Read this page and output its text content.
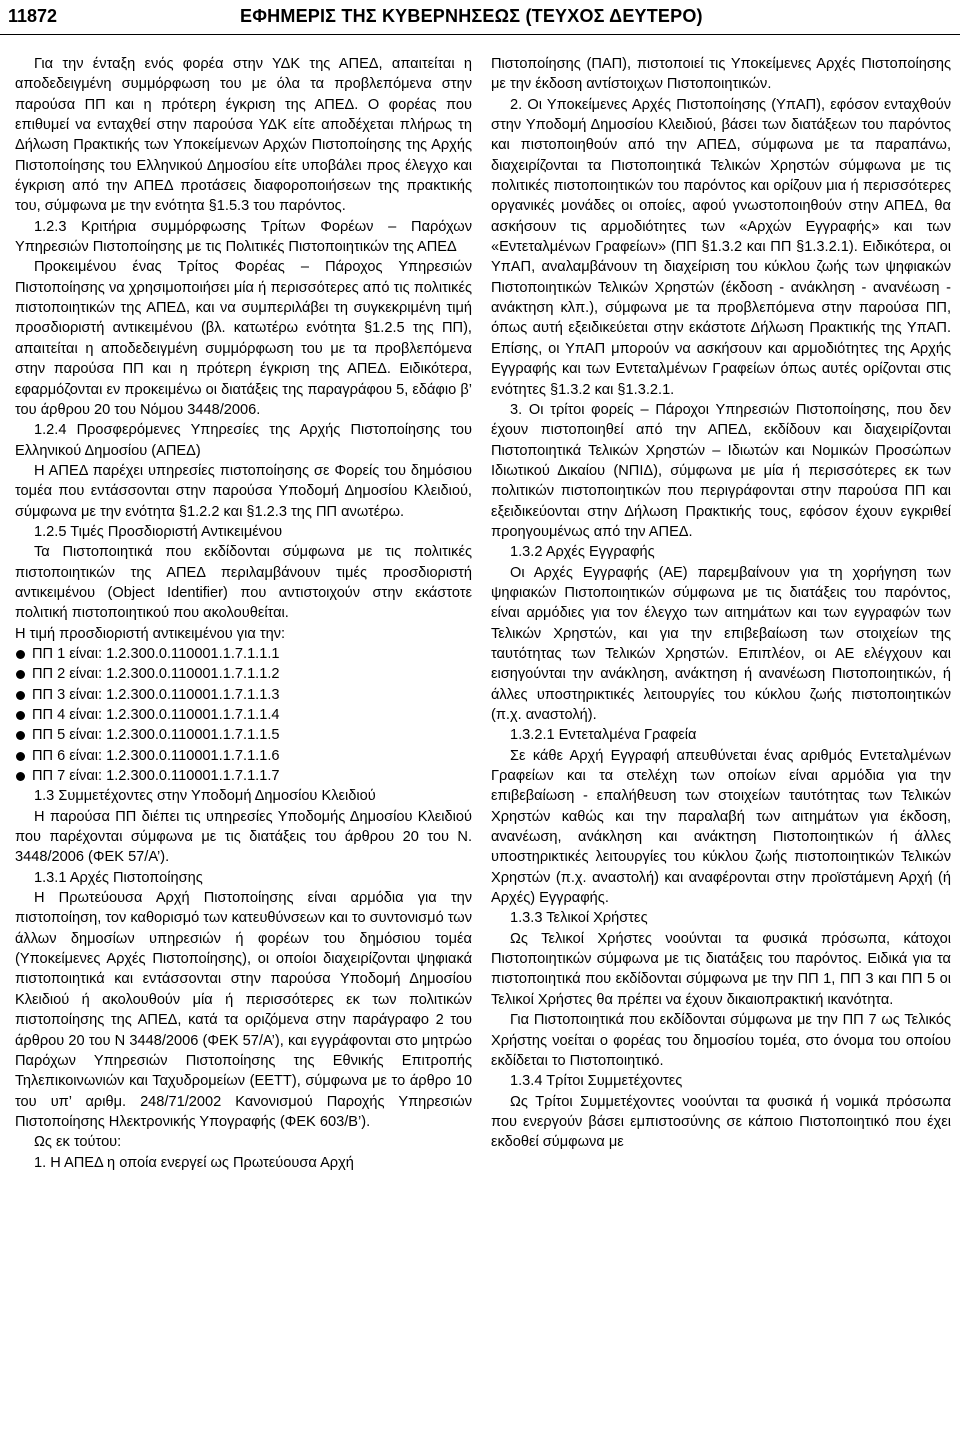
11872	ΕΦΗΜΕΡΙΣ ΤΗΣ ΚΥΒΕΡΝΗΣΕΩΣ (ΤΕΥΧΟΣ ΔΕΥΤΕΡΟ)

Για την ένταξη ενός φορέα στην ΥΔΚ της ΑΠΕΔ, απαιτείται η αποδεδειγμένη συμμόρφωση του με όλα τα προβλεπόμενα στην παρούσα ΠΠ και η πρότερη έγκριση της ΑΠΕΔ. Ο φορέας που επιθυμεί να ενταχθεί στην παρούσα ΥΔΚ είτε αποδέχεται πλήρως τη Δήλωση Πρακτικής των Υποκείμενων Αρχών Πιστοποίησης της Αρχής Πιστοποίησης του Ελληνικού Δημοσίου είτε υποβάλει προς έλεγχο και έγκριση από την ΑΠΕΔ προτάσεις διαφοροποιήσεων της πρακτικής του, σύμφωνα με την ενότητα §1.5.3 του παρόντος.

1.2.3 Κριτήρια συμμόρφωσης Τρίτων Φορέων – Παρόχων Υπηρεσιών Πιστοποίησης με τις Πολιτικές Πιστοποιητικών της ΑΠΕΔ

Προκειμένου ένας Τρίτος Φορέας – Πάροχος Υπηρεσιών Πιστοποίησης να χρησιμοποιήσει μία ή περισσότερες από τις πολιτικές πιστοποιητικών της ΑΠΕΔ, και να συμπεριλάβει τη συγκεκριμένη τιμή προσδιοριστή αντικειμένου (βλ. κατωτέρω ενότητα §1.2.5 της ΠΠ), απαιτείται η αποδεδειγμένη συμμόρφωση του με τα προβλεπόμενα στην παρούσα ΠΠ και η πρότερη έγκριση της ΑΠΕΔ. Ειδικότερα, εφαρμόζονται εν προκειμένω οι διατάξεις της παραγράφου 5, εδάφιο β’ του άρθρου 20 του Νόμου 3448/2006.

1.2.4 Προσφερόμενες Υπηρεσίες της Αρχής Πιστοποίησης του Ελληνικού Δημοσίου (ΑΠΕΔ)

Η ΑΠΕΔ παρέχει υπηρεσίες πιστοποίησης σε Φορείς του δημόσιου τομέα που εντάσσονται στην παρούσα Υποδομή Δημοσίου Κλειδιού, σύμφωνα με την ενότητα §1.2.2 και §1.2.3 της ΠΠ ανωτέρω.

1.2.5 Τιμές Προσδιοριστή Αντικειμένου

Τα Πιστοποιητικά που εκδίδονται σύμφωνα με τις πολιτικές πιστοποιητικών της ΑΠΕΔ περιλαμβάνουν τιμές προσδιοριστή αντικειμένου (Object Identifier) που αντιστοιχούν στην εκάστοτε πολιτική πιστοποιητικού που ακολουθείται.

Η τιμή προσδιοριστή αντικειμένου για την:

ΠΠ 1 είναι: 1.2.300.0.110001.1.7.1.1.1
ΠΠ 2 είναι: 1.2.300.0.110001.1.7.1.1.2
ΠΠ 3 είναι: 1.2.300.0.110001.1.7.1.1.3
ΠΠ 4 είναι: 1.2.300.0.110001.1.7.1.1.4
ΠΠ 5 είναι: 1.2.300.0.110001.1.7.1.1.5
ΠΠ 6 είναι: 1.2.300.0.110001.1.7.1.1.6
ΠΠ 7 είναι: 1.2.300.0.110001.1.7.1.1.7

1.3 Συμμετέχοντες στην Υποδομή Δημοσίου Κλειδιού

Η παρούσα ΠΠ διέπει τις υπηρεσίες Υποδομής Δημοσίου Κλειδιού που παρέχονται σύμφωνα με τις διατάξεις του άρθρου 20 του Ν. 3448/2006 (ΦΕΚ 57/Α’).

1.3.1 Αρχές Πιστοποίησης

Η Πρωτεύουσα Αρχή Πιστοποίησης είναι αρμόδια για την πιστοποίηση, τον καθορισμό των κατευθύνσεων και το συντονισμό των άλλων δημοσίων υπηρεσιών ή φορέων του δημόσιου τομέα (Υποκείμενες Αρχές Πιστοποίησης), οι οποίοι διαχειρίζονται ψηφιακά πιστοποιητικά και εντάσσονται στην παρούσα Υποδομή Δημοσίου Κλειδιού ή ακολουθούν μία ή περισσότερες εκ των πολιτικών πιστοποίησης της ΑΠΕΔ, κατά τα οριζόμενα στην παράγραφο 2 του άρθρου 20 του Ν 3448/2006 (ΦΕΚ 57/Α’), και εγγράφονται στο μητρώο Παρόχων Υπηρεσιών Πιστοποίησης της Εθνικής Επιτροπής Τηλεπικοινωνιών και Ταχυδρομείων (ΕΕΤΤ), σύμφωνα με το άρθρο 10 του υπ’ αριθμ. 248/71/2002 Κανονισμού Παροχής Υπηρεσιών Πιστοποίησης Ηλεκτρονικής Υπογραφής (ΦΕΚ 603/Β’).

Ως εκ τούτου:

1. Η ΑΠΕΔ η οποία ενεργεί ως Πρωτεύουσα Αρχή

Πιστοποίησης (ΠΑΠ), πιστοποιεί τις Υποκείμενες Αρχές Πιστοποίησης με την έκδοση αντίστοιχων Πιστοποιητικών.

2. Οι Υποκείμενες Αρχές Πιστοποίησης (ΥπΑΠ), εφόσον ενταχθούν στην Υποδομή Δημοσίου Κλειδιού, βάσει των διατάξεων του παρόντος και πιστοποιηθούν από την ΑΠΕΔ, σύμφωνα με τα παραπάνω, διαχειρίζονται τα Πιστοποιητικά Τελικών Χρηστών σύμφωνα με τις πολιτικές πιστοποιητικών του παρόντος και ορίζουν μια ή περισσότερες οργανικές μονάδες οι οποίες, αφού γνωστοποιηθούν στην ΑΠΕΔ, θα ασκήσουν τις αρμοδιότητες των «Αρχών Εγγραφής» και των «Εντεταλμένων Γραφείων» (ΠΠ §1.3.2 και ΠΠ §1.3.2.1). Ειδικότερα, οι ΥπΑΠ, αναλαμβάνουν τη διαχείριση του κύκλου ζωής των ψηφιακών Πιστοποιητικών Τελικών Χρηστών (έκδοση - ανάκληση - ανανέωση - ανάκτηση κλπ.), σύμφωνα με τα προβλεπόμενα στην παρούσα ΠΠ, όπως αυτή εξειδικεύεται στην εκάστοτε Δήλωση Πρακτικής της ΥπΑΠ. Επίσης, οι ΥπΑΠ μπορούν να ασκήσουν και αρμοδιότητες της Αρχής Εγγραφής και των Εντεταλμένων Γραφείων όπως αυτές ορίζονται στις ενότητες §1.3.2 και §1.3.2.1.

3. Οι τρίτοι φορείς – Πάροχοι Υπηρεσιών Πιστοποίησης, που δεν έχουν πιστοποιηθεί από την ΑΠΕΔ, εκδίδουν και διαχειρίζονται Πιστοποιητικά Τελικών Χρηστών – Ιδιωτών και Νομικών Προσώπων Ιδιωτικού Δικαίου (ΝΠΙΔ), σύμφωνα με μία ή περισσότερες εκ των πολιτικών πιστοποιητικών που περιγράφονται στην παρούσα ΠΠ και εξειδικεύονται στην Δήλωση Πρακτικής τους, εφόσον έχουν εγκριθεί προηγουμένως από την ΑΠΕΔ.

1.3.2 Αρχές Εγγραφής

Οι Αρχές Εγγραφής (ΑΕ) παρεμβαίνουν για τη χορήγηση των ψηφιακών Πιστοποιητικών σύμφωνα με τις διατάξεις του παρόντος, είναι αρμόδιες για τον έλεγχο των αιτημάτων και των εγγραφών των Τελικών Χρηστών, και για την επιβεβαίωση των στοιχείων της ταυτότητας των Τελικών Χρηστών. Επιπλέον, οι ΑΕ ελέγχουν και εισηγούνται την ανάκληση, ανάκτηση ή ανανέωση Πιστοποιητικών, ή άλλες υποστηρικτικές λειτουργίες του κύκλου ζωής πιστοποιητικών (π.χ. αναστολή).

1.3.2.1 Εντεταλμένα Γραφεία

Σε κάθε Αρχή Εγγραφή απευθύνεται ένας αριθμός Εντεταλμένων Γραφείων και τα στελέχη των οποίων είναι αρμόδια για την επιβεβαίωση - επαλήθευση των στοιχείων ταυτότητας των Τελικών Χρηστών καθώς και την παραλαβή των αιτημάτων για έκδοση, ανανέωση, ανάκληση και ανάκτηση Πιστοποιητικών ή άλλες υποστηρικτικές λειτουργίες του κύκλου ζωής πιστοποιητικών Τελικών Χρηστών (π.χ. αναστολή) και αναφέρονται στην προϊστάμενη Αρχή (ή Αρχές) Εγγραφής.

1.3.3 Τελικοί Χρήστες

Ως Τελικοί Χρήστες νοούνται τα φυσικά πρόσωπα, κάτοχοι Πιστοποιητικών σύμφωνα με τις διατάξεις του παρόντος. Ειδικά για τα πιστοποιητικά που εκδίδονται σύμφωνα με την ΠΠ 1, ΠΠ 3 και ΠΠ 5 οι Τελικοί Χρήστες θα πρέπει να έχουν δικαιοπρακτική ικανότητα.

Για Πιστοποιητικά που εκδίδονται σύμφωνα με την ΠΠ 7 ως Τελικός Χρήστης νοείται ο φορέας του δημοσίου τομέα, στο όνομα του οποίου εκδίδεται το Πιστοποιητικό.

1.3.4 Τρίτοι Συμμετέχοντες

Ως Τρίτοι Συμμετέχοντες νοούνται τα φυσικά ή νομικά πρόσωπα που ενεργούν βάσει εμπιστοσύνης σε κάποιο Πιστοποιητικό που έχει εκδοθεί σύμφωνα με
